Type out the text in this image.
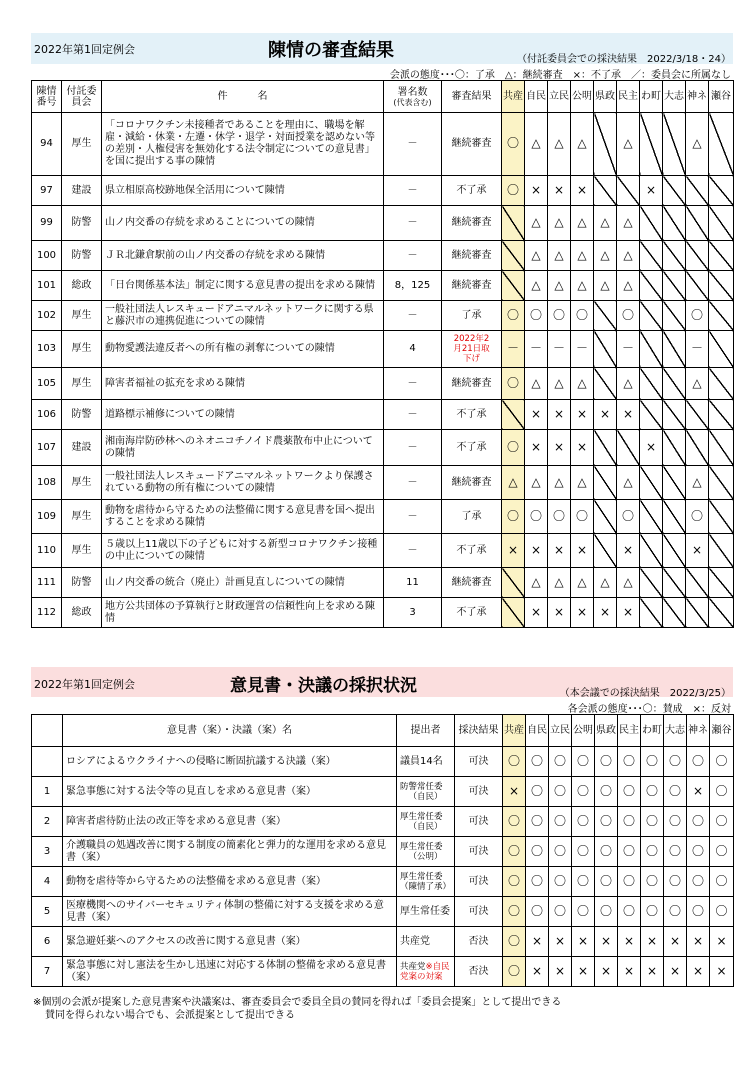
2022年第1回定例会	陳情の審査結果	（付託委員会での採決結果　2022/3/18・24）
会派の態度･･･〇：了承　△：継続審査　×：不了承　／：委員会に所属なし
陳情番号	付託委員会	件　　　名	署名数
(代表含む)	審査結果	共産	自民	立民	公明	県政	民主	わ町	大志	神ネ	瀬谷
94	厚生	「コロナワクチン未接種者であることを理由に、職場を解雇・減給・休業・左遷・休学・退学・対面授業を認めない等の差別・人権侵害を無効化する法令制定についての意見書」を国に提出する事の陳情	－	継続審査	〇	△	△	△		△			△	
97	建設	県立相原高校跡地保全活用について陳情	－	不了承	〇	×	×	×			×			
99	防警	山ノ内交番の存続を求めることについての陳情	－	継続審査		△	△	△	△	△				
100	防警	ＪＲ北鎌倉駅前の山ノ内交番の存続を求める陳情	－	継続審査		△	△	△	△	△				
101	総政	「日台関係基本法」制定に関する意見書の提出を求める陳情	8，125	継続審査		△	△	△	△	△				
102	厚生	一般社団法人レスキュードアニマルネットワークに関する県と藤沢市の連携促進についての陳情	－	了承	〇	〇	〇	〇		〇			〇	
103	厚生	動物愛護法違反者への所有権の剥奪についての陳情	4	2022年2月21日取下げ	－	－	－	－		－			－	
105	厚生	障害者福祉の拡充を求める陳情	－	継続審査	〇	△	△	△		△			△	
106	防警	道路標示補修についての陳情	－	不了承		×	×	×	×	×				
107	建設	湘南海岸防砂林へのネオニコチノイド農薬散布中止についての陳情	－	不了承	〇	×	×	×			×			
108	厚生	一般社団法人レスキュードアニマルネットワークより保護されている動物の所有権についての陳情	－	継続審査	△	△	△	△		△			△	
109	厚生	動物を虐待から守るための法整備に関する意見書を国へ提出することを求める陳情	－	了承	〇	〇	〇	〇		〇			〇	
110	厚生	５歳以上11歳以下の子どもに対する新型コロナワクチン接種の中止についての陳情	－	不了承	×	×	×	×		×			×	
111	防警	山ノ内交番の統合（廃止）計画見直しについての陳情	11	継続審査		△	△	△	△	△				
112	総政	地方公共団体の予算執行と財政運営の信頼性向上を求める陳情	3	不了承		×	×	×	×	×				
2022年第1回定例会	意見書・決議の採択状況	（本会議での採決結果　2022/3/25）
各会派の態度･･･〇：賛成　×：反対
	意見書（案）・決議（案）名	提出者	採決結果	共産	自民	立民	公明	県政	民主	わ町	大志	神ネ	瀬谷
	ロシアによるウクライナへの侵略に断固抗議する決議（案）	議員14名	可決	〇	〇	〇	〇	〇	〇	〇	〇	〇	〇
1	緊急事態に対する法令等の見直しを求める意見書（案）	防警常任委
（自民）	可決	×	〇	〇	〇	〇	〇	〇	〇	×	〇
2	障害者虐待防止法の改正等を求める意見書（案）	厚生常任委
（自民）	可決	〇	〇	〇	〇	〇	〇	〇	〇	〇	〇
3	介護職員の処遇改善に関する制度の簡素化と弾力的な運用を求める意見書（案）	厚生常任委
（公明）	可決	〇	〇	〇	〇	〇	〇	〇	〇	〇	〇
4	動物を虐待等から守るための法整備を求める意見書（案）	厚生常任委
（陳情了承）	可決	〇	〇	〇	〇	〇	〇	〇	〇	〇	〇
5	医療機関へのサイバーセキュリティ体制の整備に対する支援を求める意見書（案）	厚生常任委	可決	〇	〇	〇	〇	〇	〇	〇	〇	〇	〇
6	緊急避妊薬へのアクセスの改善に関する意見書（案）	共産党	否決	〇	×	×	×	×	×	×	×	×	×
7	緊急事態に対し憲法を生かし迅速に対応する体制の整備を求める意見書（案）	共産党※自民党案の対案	否決	〇	×	×	×	×	×	×	×	×	×
※個別の会派が提案した意見書案や決議案は、審査委員会で委員全員の賛同を得れば「委員会提案」として提出できる
賛同を得られない場合でも、会派提案として提出できる
